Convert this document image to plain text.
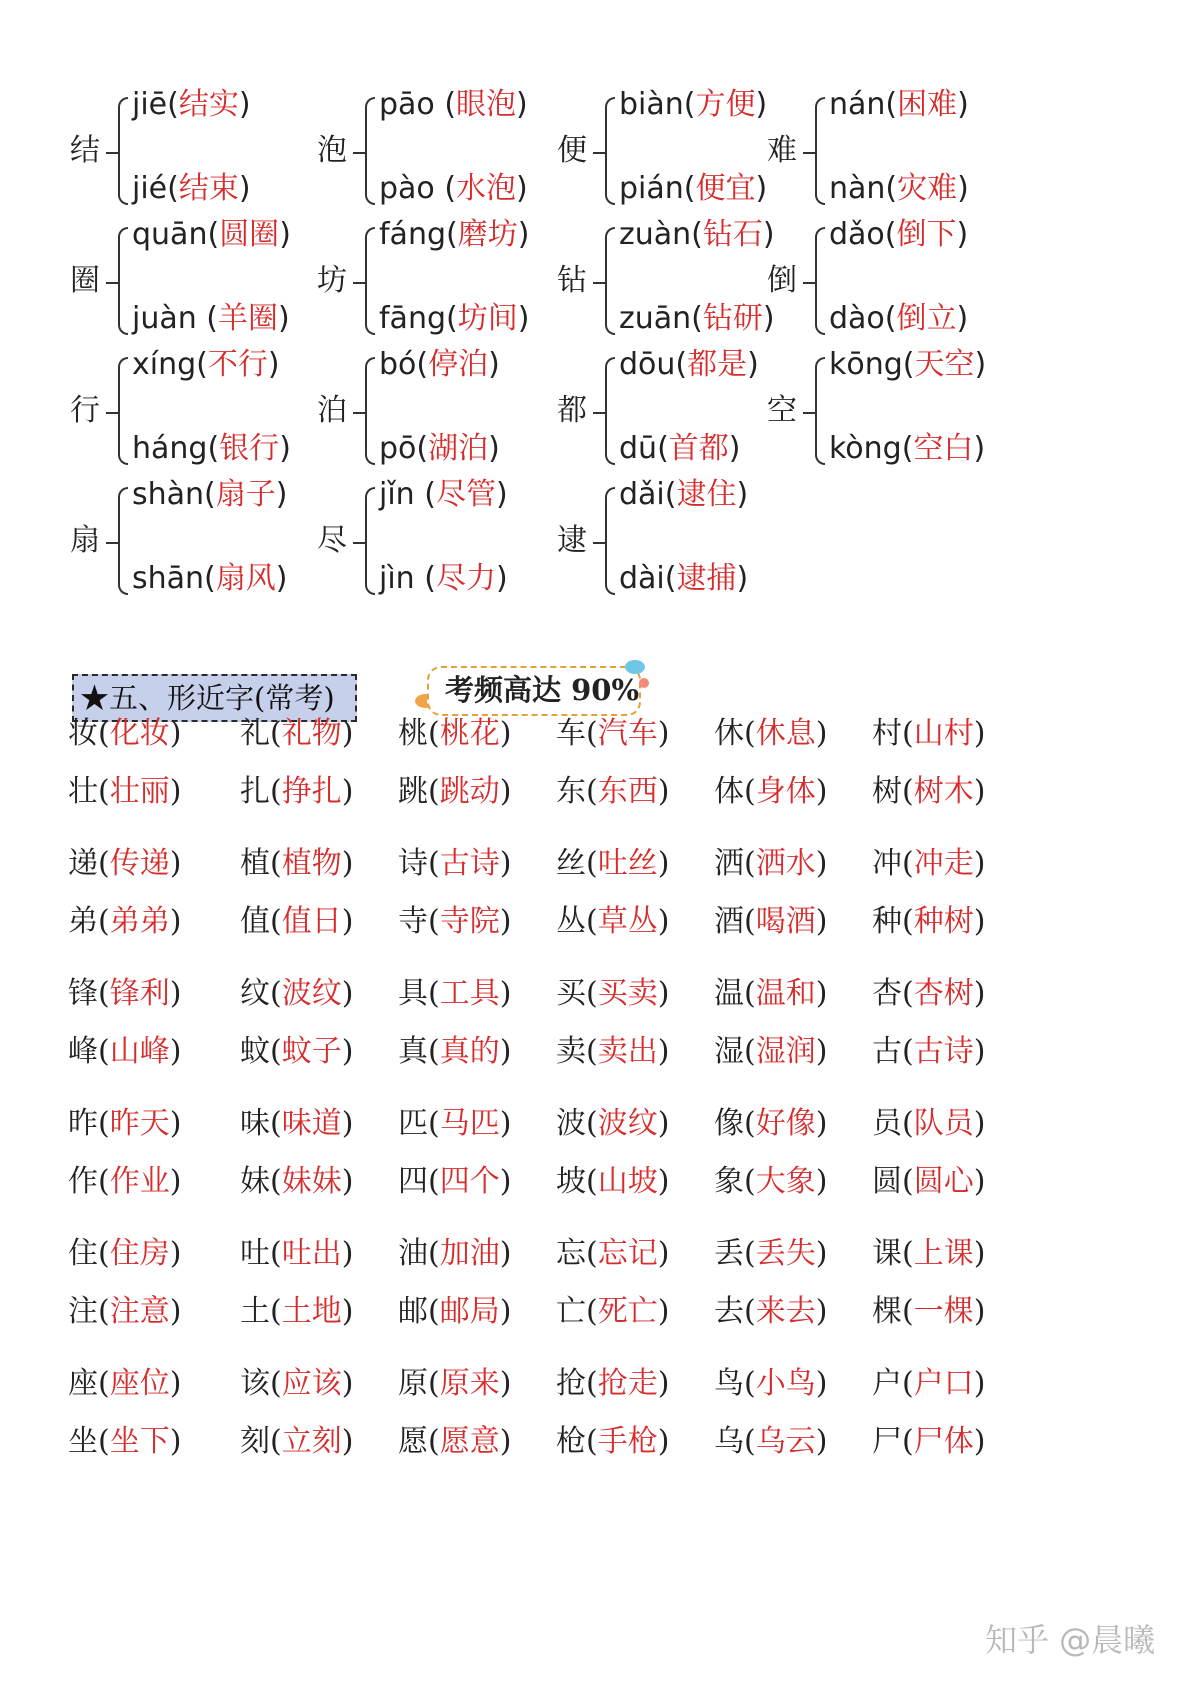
结
jiē(结实)
jié(结束)
泡
pāo (眼泡)
pào (水泡)
便
biàn(方便)
pián(便宜)
难
nán(困难)
nàn(灾难)
圈
quān(圆圈)
juàn (羊圈)
坊
fáng(磨坊)
fāng(坊间)
钻
zuàn(钻石)
zuān(钻研)
倒
dǎo(倒下)
dào(倒立)
行
xíng(不行)
háng(银行)
泊
bó(停泊)
pō(湖泊)
都
dōu(都是)
dū(首都)
空
kōng(天空)
kòng(空白)
扇
shàn(扇子)
shān(扇风)
尽
jǐn (尽管)
jìn (尽力)
逮
dǎi(逮住)
dài(逮捕)
★五、形近字(常考)	考频高达 90%
妆(化妆) 礼(礼物) 桃(桃花) 车(汽车) 休(休息) 村(山村)
壮(壮丽) 扎(挣扎) 跳(跳动) 东(东西) 体(身体) 树(树木)
递(传递) 植(植物) 诗(古诗) 丝(吐丝) 洒(洒水) 冲(冲走)
弟(弟弟) 值(值日) 寺(寺院) 丛(草丛) 酒(喝酒) 种(种树)
锋(锋利) 纹(波纹) 具(工具) 买(买卖) 温(温和) 杏(杏树)
峰(山峰) 蚊(蚊子) 真(真的) 卖(卖出) 湿(湿润) 古(古诗)
昨(昨天) 味(味道) 匹(马匹) 波(波纹) 像(好像) 员(队员)
作(作业) 妹(妹妹) 四(四个) 坡(山坡) 象(大象) 圆(圆心)
住(住房) 吐(吐出) 油(加油) 忘(忘记) 丢(丢失) 课(上课)
注(注意) 土(土地) 邮(邮局) 亡(死亡) 去(来去) 棵(一棵)
座(座位) 该(应该) 原(原来) 抢(抢走) 鸟(小鸟) 户(户口)
坐(坐下) 刻(立刻) 愿(愿意) 枪(手枪) 乌(乌云) 尸(尸体)
知乎 @晨曦
